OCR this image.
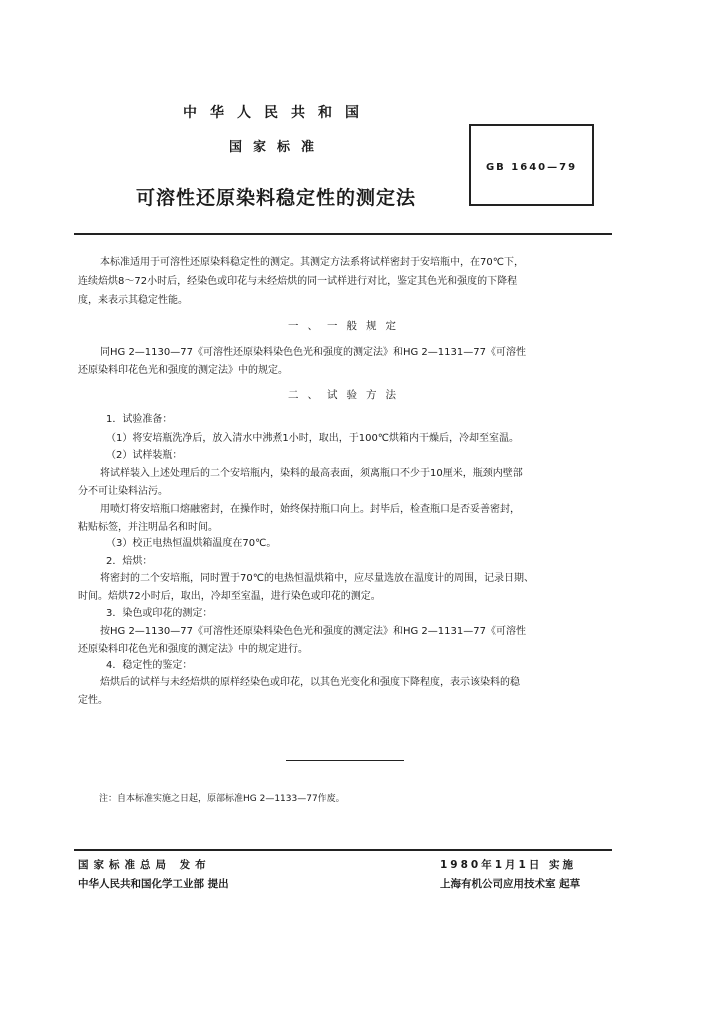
中华人民共和国
国家标准
可溶性还原染料稳定性的测定法
GB 1640—79
本标准适用于可溶性还原染料稳定性的测定。其测定方法系将试样密封于安培瓶中，在70℃下，
连续焙烘8～72小时后，经染色或印花与未经焙烘的同一试样进行对比，鉴定其色光和强度的下降程
度，来表示其稳定性能。
一、一般规定
同HG 2—1130—77《可溶性还原染料染色色光和强度的测定法》和HG 2—1131—77《可溶性
还原染料印花色光和强度的测定法》中的规定。
二、试验方法
1．试验准备：
（1）将安培瓶洗净后，放入清水中沸煮1小时，取出，于100℃烘箱内干燥后，冷却至室温。
（2）试样装瓶：
将试样装入上述处理后的二个安培瓶内，染料的最高表面，须离瓶口不少于10厘米，瓶颈内壁部
分不可让染料沾污。
用喷灯将安培瓶口熔融密封，在操作时，始终保持瓶口向上。封毕后，检查瓶口是否妥善密封，
粘贴标签，并注明品名和时间。
（3）校正电热恒温烘箱温度在70℃。
2．焙烘：
将密封的二个安培瓶，同时置于70℃的电热恒温烘箱中，应尽量选放在温度计的周围，记录日期、
时间。焙烘72小时后，取出，冷却至室温，进行染色或印花的测定。
3．染色或印花的测定：
按HG 2—1130—77《可溶性还原染料染色色光和强度的测定法》和HG 2—1131—77《可溶性
还原染料印花色光和强度的测定法》中的规定进行。
4．稳定性的鉴定：
焙烘后的试样与未经焙烘的原样经染色或印花，以其色光变化和强度下降程度，表示该染料的稳
定性。
注：自本标准实施之日起，原部标准HG 2—1133—77作废。
国家标准总局 发布	1980年1月1日 实施
中华人民共和国化学工业部 提出	上海有机公司应用技术室 起草
